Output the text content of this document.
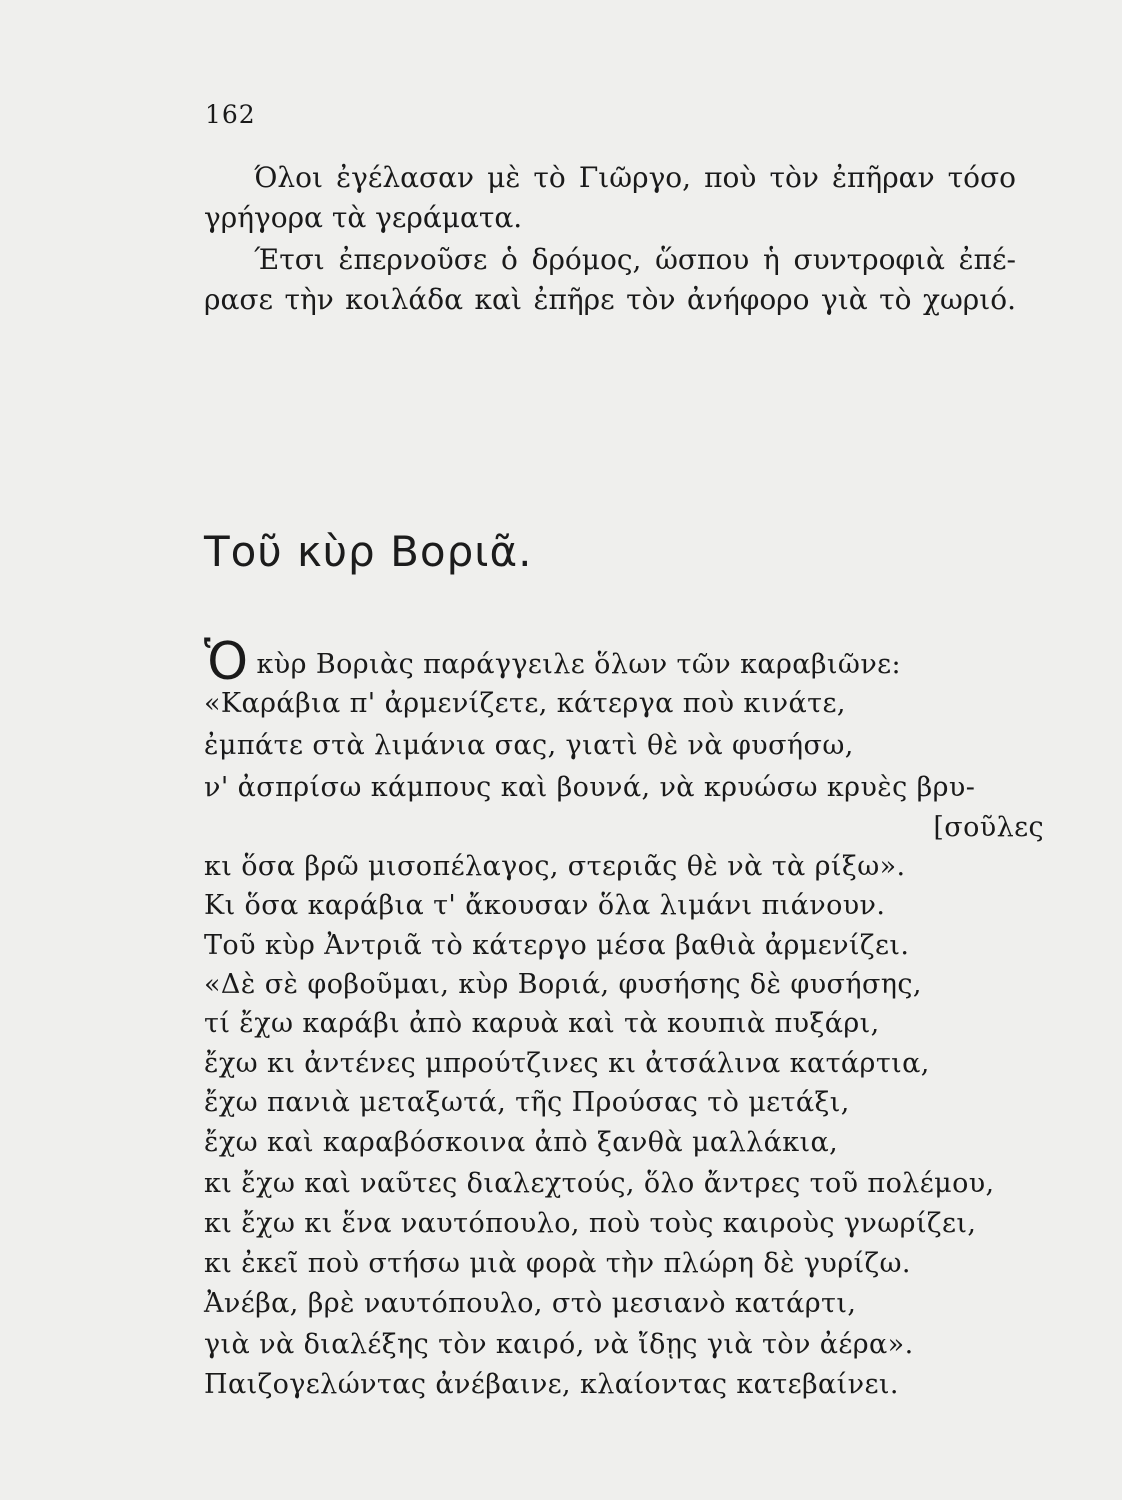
162
Όλοι ἐγέλασαν μὲ τὸ Γιῶργο, ποὺ τὸν ἐπῆραν τόσο
γρήγορα τὰ γεράματα.
Έτσι ἐπερνοῦσε ὁ δρόμος, ὥσπου ἡ συντροφιὰ ἐπέ-
ρασε τὴν κοιλάδα καὶ ἐπῆρε τὸν ἀνήφορο γιὰ τὸ χωριό.
Τοῦ κὺρ Βοριᾶ.
Ὁκὺρ Βοριὰς παράγγειλε ὅλων τῶν καραβιῶνε:
«Καράβια π' ἀρμενίζετε, κάτεργα ποὺ κινάτε,
ἐμπάτε στὰ λιμάνια σας, γιατὶ θὲ νὰ φυσήσω,
ν' ἀσπρίσω κάμπους καὶ βουνά, νὰ κρυώσω κρυὲς βρυ-
[σοῦλες
κι ὅσα βρῶ μισοπέλαγος, στεριᾶς θὲ νὰ τὰ ρίξω».
Κι ὅσα καράβια τ' ἄκουσαν ὅλα λιμάνι πιάνουν.
Τοῦ κὺρ Ἀντριᾶ τὸ κάτεργο μέσα βαθιὰ ἀρμενίζει.
«Δὲ σὲ φοβοῦμαι, κὺρ Βοριά, φυσήσης δὲ φυσήσης,
τί ἔχω καράβι ἀπὸ καρυὰ καὶ τὰ κουπιὰ πυξάρι,
ἔχω κι ἀντένες μπρούτζινες κι ἀτσάλινα κατάρτια,
ἔχω πανιὰ μεταξωτά, τῆς Προύσας τὸ μετάξι,
ἔχω καὶ καραβόσκοινα ἀπὸ ξανθὰ μαλλάκια,
κι ἔχω καὶ ναῦτες διαλεχτούς, ὅλο ἄντρες τοῦ πολέμου,
κι ἔχω κι ἕνα ναυτόπουλο, ποὺ τοὺς καιροὺς γνωρίζει,
κι ἐκεῖ ποὺ στήσω μιὰ φορὰ τὴν πλώρη δὲ γυρίζω.
Ἀνέβα, βρὲ ναυτόπουλο, στὸ μεσιανὸ κατάρτι,
γιὰ νὰ διαλέξης τὸν καιρό, νὰ ἴδῃς γιὰ τὸν ἀέρα».
Παιζογελώντας ἀνέβαινε, κλαίοντας κατεβαίνει.
